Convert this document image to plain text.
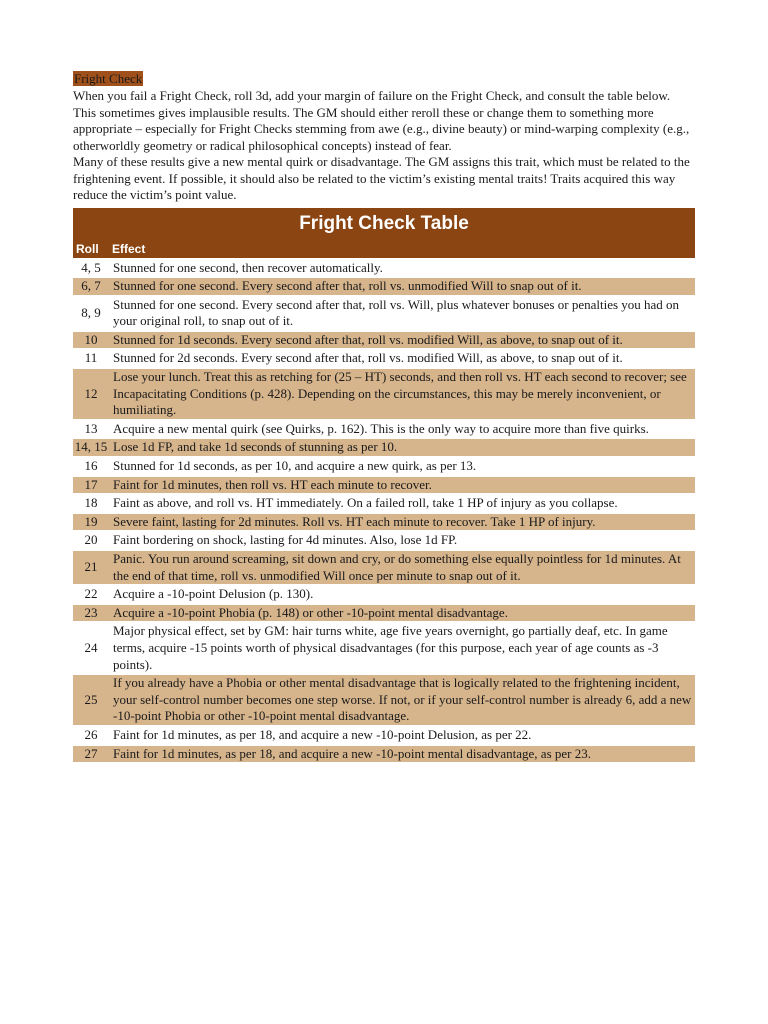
Fright Check

When you fail a Fright Check, roll 3d, add your margin of failure on the Fright Check, and consult the table below. This sometimes gives implausible results. The GM should either reroll these or change them to something more appropriate – especially for Fright Checks stemming from awe (e.g., divine beauty) or mind-warping complexity (e.g., otherworldly geometry or radical philosophical concepts) instead of fear.

Many of these results give a new mental quirk or disadvantage. The GM assigns this trait, which must be related to the frightening event. If possible, it should also be related to the victim’s existing mental traits! Traits acquired this way reduce the victim’s point value.

Fright Check Table	
Roll	Effect
4, 5	Stunned for one second, then recover automatically.
6, 7	Stunned for one second. Every second after that, roll vs. unmodified Will to snap out of it.
8, 9	Stunned for one second. Every second after that, roll vs. Will, plus whatever bonuses or penalties you had on your original roll, to snap out of it.
10	Stunned for 1d seconds. Every second after that, roll vs. modified Will, as above, to snap out of it.
11	Stunned for 2d seconds. Every second after that, roll vs. modified Will, as above, to snap out of it.
12	Lose your lunch. Treat this as retching for (25 – HT) seconds, and then roll vs. HT each second to recover; see Incapacitating Conditions (p. 428). Depending on the circumstances, this may be merely inconvenient, or humiliating.
13	Acquire a new mental quirk (see Quirks, p. 162). This is the only way to acquire more than five quirks.
14, 15	Lose 1d FP, and take 1d seconds of stunning as per 10.
16	Stunned for 1d seconds, as per 10, and acquire a new quirk, as per 13.
17	Faint for 1d minutes, then roll vs. HT each minute to recover.
18	Faint as above, and roll vs. HT immediately. On a failed roll, take 1 HP of injury as you collapse.
19	Severe faint, lasting for 2d minutes. Roll vs. HT each minute to recover. Take 1 HP of injury.
20	Faint bordering on shock, lasting for 4d minutes. Also, lose 1d FP.
21	Panic. You run around screaming, sit down and cry, or do something else equally pointless for 1d minutes. At the end of that time, roll vs. unmodified Will once per minute to snap out of it.
22	Acquire a -10-point Delusion (p. 130).
23	Acquire a -10-point Phobia (p. 148) or other -10-point mental disadvantage.
24	Major physical effect, set by GM: hair turns white, age five years overnight, go partially deaf, etc. In game terms, acquire -15 points worth of physical disadvantages (for this purpose, each year of age counts as -3 points).
25	If you already have a Phobia or other mental disadvantage that is logically related to the frightening incident, your self-control number becomes one step worse. If not, or if your self-control number is already 6, add a new -10-point Phobia or other -10-point mental disadvantage.
26	Faint for 1d minutes, as per 18, and acquire a new -10-point Delusion, as per 22.
27	Faint for 1d minutes, as per 18, and acquire a new -10-point mental disadvantage, as per 23.
